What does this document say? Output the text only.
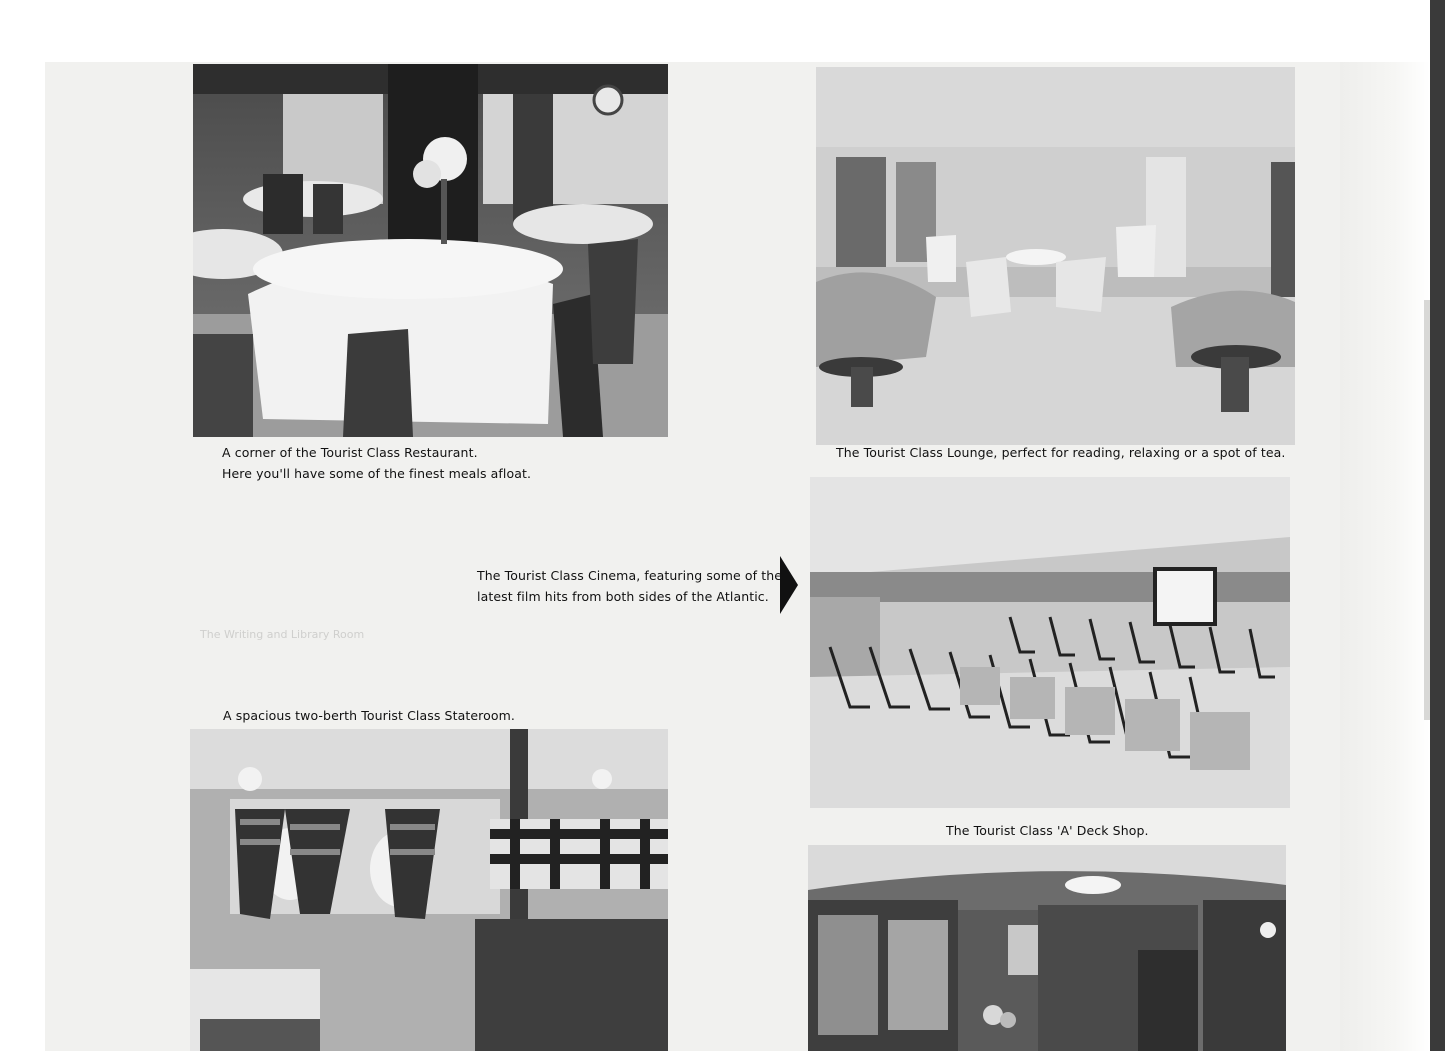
The Writing and Library Room
A corner of the Tourist Class Restaurant.
Here you'll have some of the finest meals afloat.
The Tourist Class Lounge, perfect for reading, relaxing or a spot of tea.
The Tourist Class Cinema, featuring some of the
latest film hits from both sides of the Atlantic.
A spacious two-berth Tourist Class Stateroom.
The Tourist Class 'A' Deck Shop.
